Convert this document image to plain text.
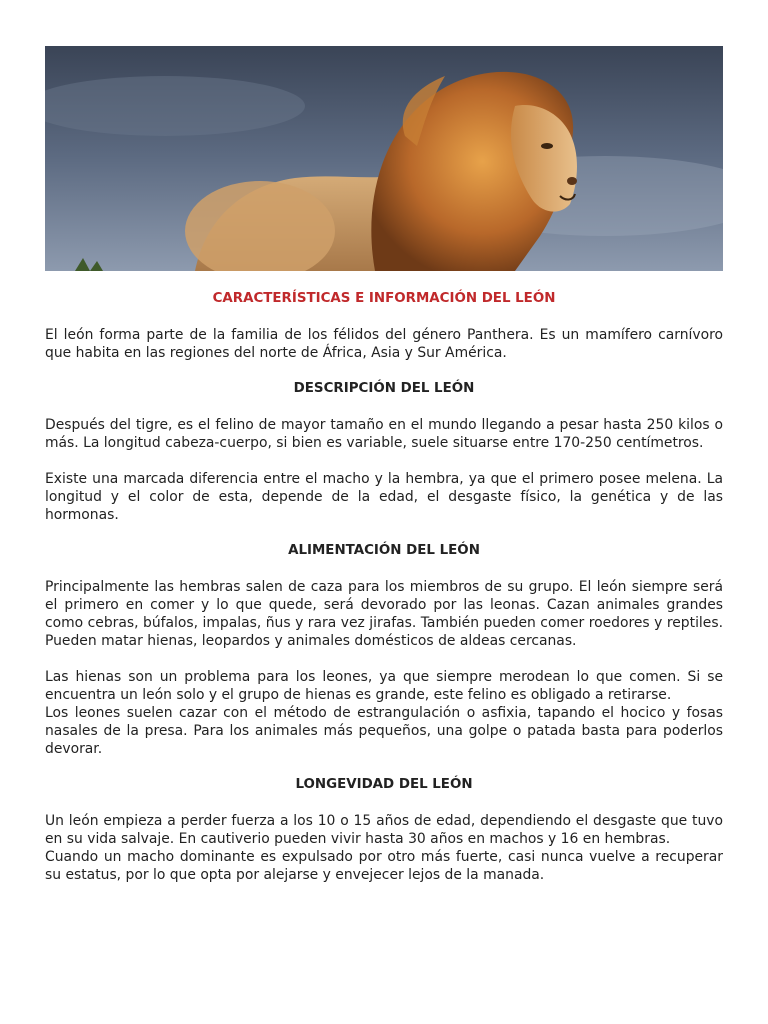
CARACTERÍSTICAS E INFORMACIÓN DEL LEÓN

El león forma parte de la familia de los félidos del género Panthera. Es un mamífero carnívoro que habita en las regiones del norte de África, Asia y Sur América.

DESCRIPCIÓN DEL LEÓN

Después del tigre, es el felino de mayor tamaño en el mundo llegando a pesar hasta 250 kilos o más. La longitud cabeza-cuerpo, si bien es variable, suele situarse entre 170-250 centímetros.

Existe una marcada diferencia entre el macho y la hembra, ya que el primero posee melena. La longitud y el color de esta, depende de la edad, el desgaste físico, la genética y de las hormonas.

ALIMENTACIÓN DEL LEÓN

Principalmente las hembras salen de caza para los miembros de su grupo. El león siempre será el primero en comer y lo que quede, será devorado por las leonas. Cazan animales grandes como cebras, búfalos, impalas, ñus y rara vez jirafas. También pueden comer roedores y reptiles. Pueden matar hienas, leopardos y animales domésticos de aldeas cercanas.

Las hienas son un problema para los leones, ya que siempre merodean lo que comen. Si se encuentra un león solo y el grupo de hienas es grande, este felino es obligado a retirarse.

Los leones suelen cazar con el método de estrangulación o asfixia, tapando el hocico y fosas nasales de la presa. Para los animales más pequeños, una golpe o patada basta para poderlos devorar.

LONGEVIDAD DEL LEÓN

Un león empieza a perder fuerza a los 10 o 15 años de edad, dependiendo el desgaste que tuvo en su vida salvaje. En cautiverio pueden vivir hasta 30 años en machos y 16 en hembras.

Cuando un macho dominante es expulsado por otro más fuerte, casi nunca vuelve a recuperar su estatus, por lo que opta por alejarse y envejecer lejos de la manada.
